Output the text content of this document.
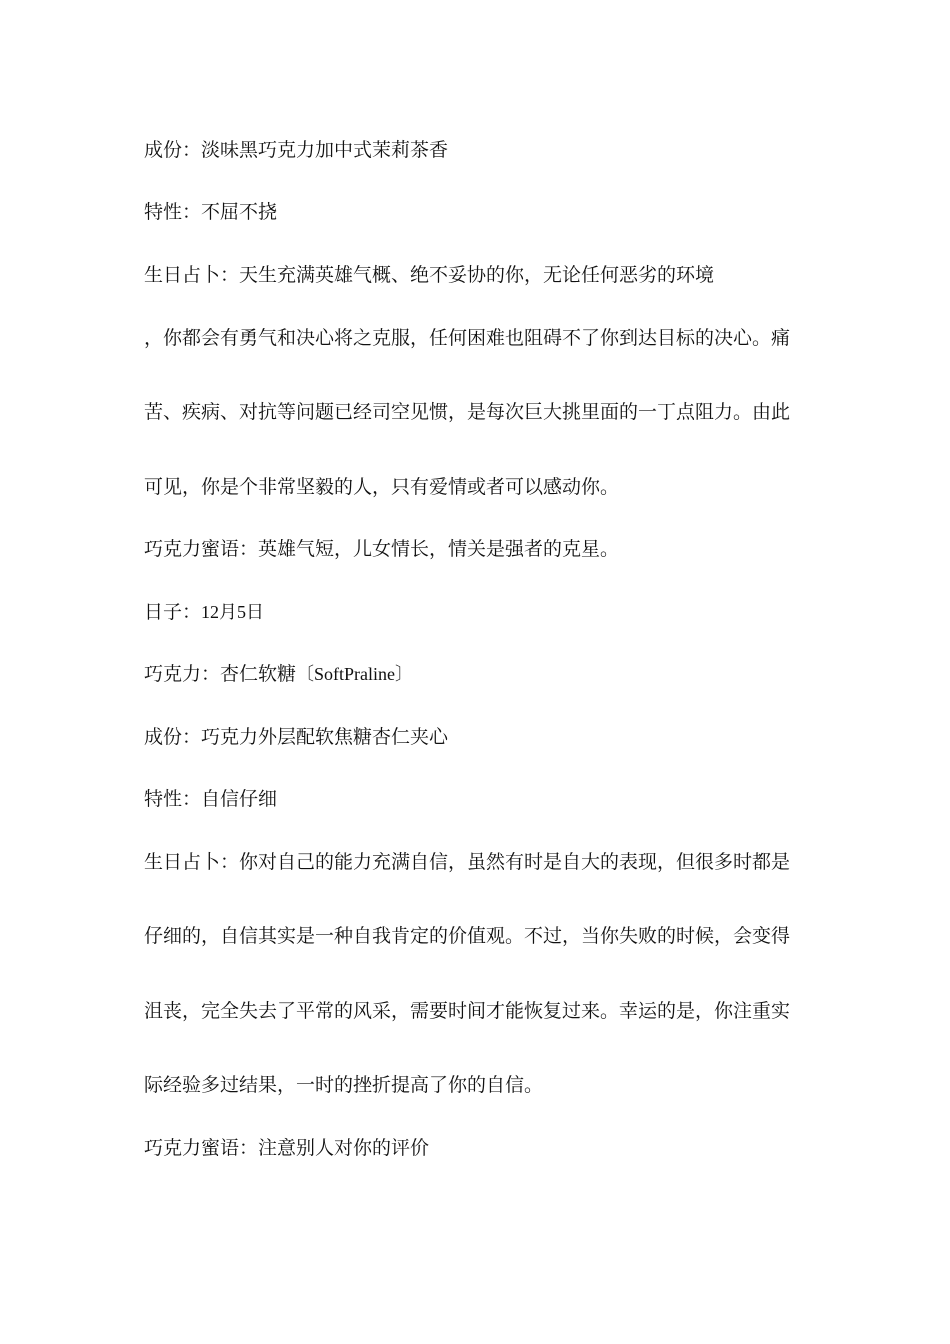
成份：淡味黑巧克力加中式茉莉茶香
特性：不屈不挠
生日占卜：天生充满英雄气概、绝不妥协的你，无论任何恶劣的环境
，你都会有勇气和决心将之克服，任何困难也阻碍不了你到达目标的决心。痛
苦、疾病、对抗等问题已经司空见惯，是每次巨大挑里面的一丁点阻力。由此
可见，你是个非常坚毅的人，只有爱情或者可以感动你。
巧克力蜜语：英雄气短，儿女情长，情关是强者的克星。
日子：12月5日
巧克力：杏仁软糖〔SoftPraline〕
成份：巧克力外层配软焦糖杏仁夹心
特性：自信仔细
生日占卜：你对自己的能力充满自信，虽然有时是自大的表现，但很多时都是
仔细的，自信其实是一种自我肯定的价值观。不过，当你失败的时候，会变得
沮丧，完全失去了平常的风采，需要时间才能恢复过来。幸运的是，你注重实
际经验多过结果，一时的挫折提高了你的自信。
巧克力蜜语：注意别人对你的评价
